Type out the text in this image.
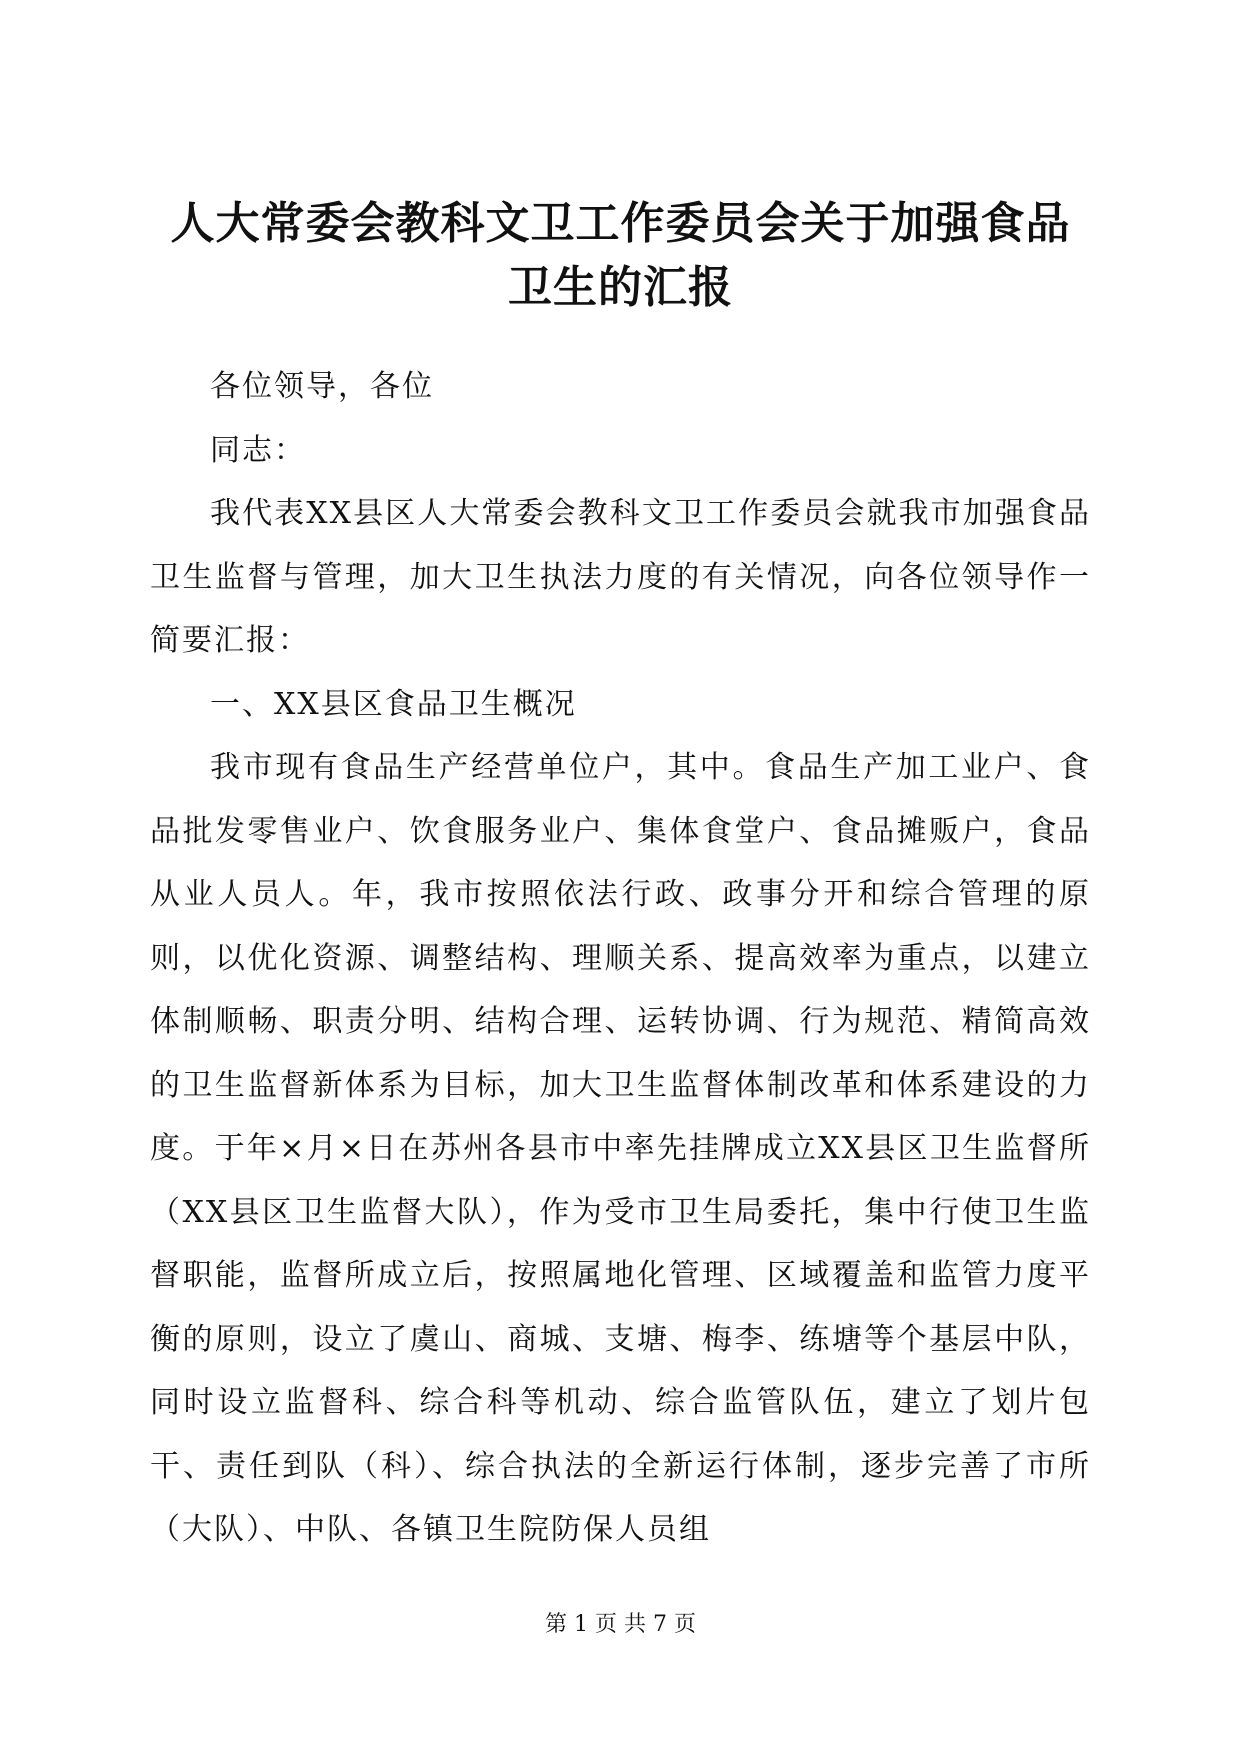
人大常委会教科文卫工作委员会关于加强食品卫生的汇报

各位领导，各位

同志：

我代表XX县区人大常委会教科文卫工作委员会就我市加强食品卫生监督与管理，加大卫生执法力度的有关情况，向各位领导作一简要汇报：

一、XX县区食品卫生概况

我市现有食品生产经营单位户，其中。食品生产加工业户、食品批发零售业户、饮食服务业户、集体食堂户、食品摊贩户，食品从业人员人。年，我市按照依法行政、政事分开和综合管理的原则，以优化资源、调整结构、理顺关系、提高效率为重点，以建立体制顺畅、职责分明、结构合理、运转协调、行为规范、精简高效的卫生监督新体系为目标，加大卫生监督体制改革和体系建设的力度。于年×月×日在苏州各县市中率先挂牌成立XX县区卫生监督所（XX县区卫生监督大队），作为受市卫生局委托，集中行使卫生监督职能，监督所成立后，按照属地化管理、区域覆盖和监管力度平衡的原则，设立了虞山、商城、支塘、梅李、练塘等个基层中队，同时设立监督科、综合科等机动、综合监管队伍，建立了划片包干、责任到队（科）、综合执法的全新运行体制，逐步完善了市所（大队）、中队、各镇卫生院防保人员组

第 1 页 共 7 页
